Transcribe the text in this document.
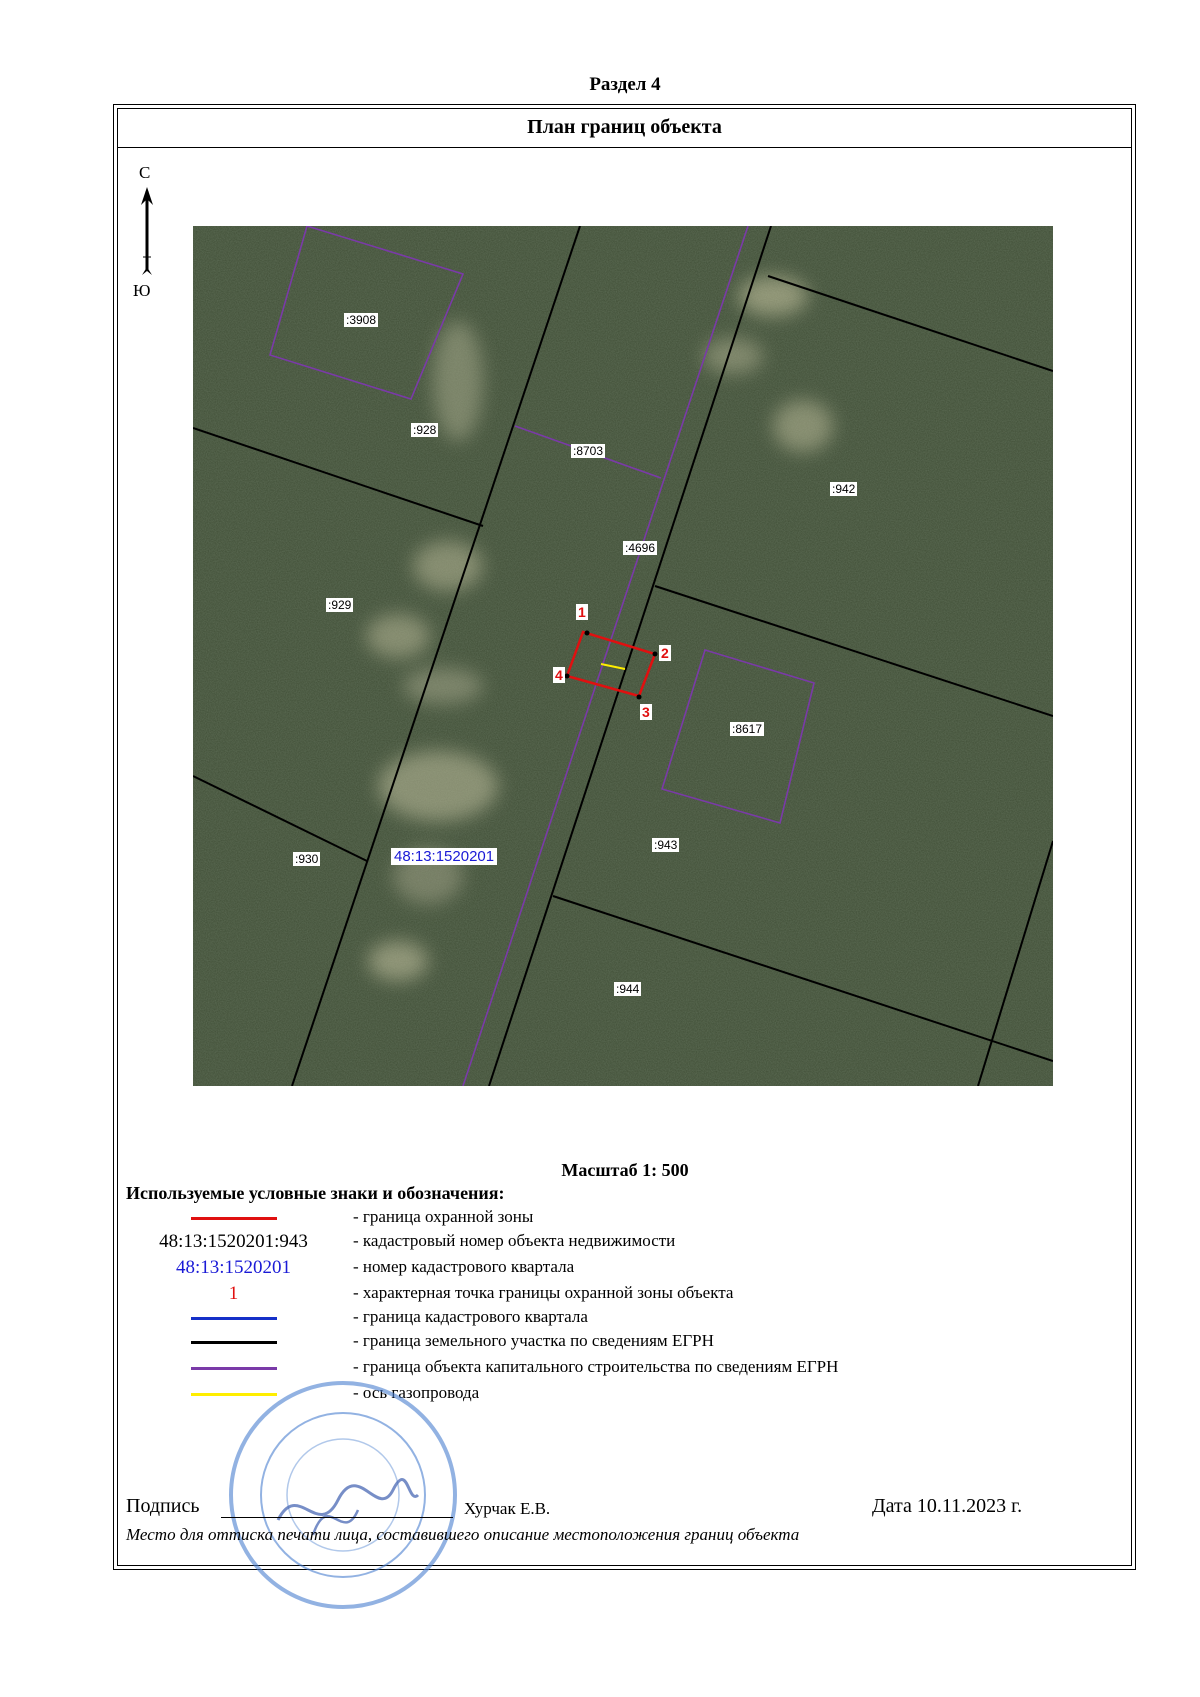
Раздел 4
План границ объекта
С
Ю
:3908
:928
:8703
:942
:4696
:929
:8617
:943
:930
:944
48:13:1520201
1
2
3
4
Масштаб 1: 500
Используемые условные знаки и обозначения:
- граница охранной зоны
48:13:1520201:943	- кадастровый номер объекта недвижимости
48:13:1520201	- номер кадастрового квартала
1	- характерная точка границы охранной зоны объекта
- граница кадастрового квартала
- граница земельного участка по сведениям ЕГРН
- граница объекта капитального строительства по сведениям ЕГРН
- ось газопровода
Подпись	Хурчак Е.В.	Дата 10.11.2023 г.
Место для оттиска печати лица, составившего описание местоположения границ объекта
